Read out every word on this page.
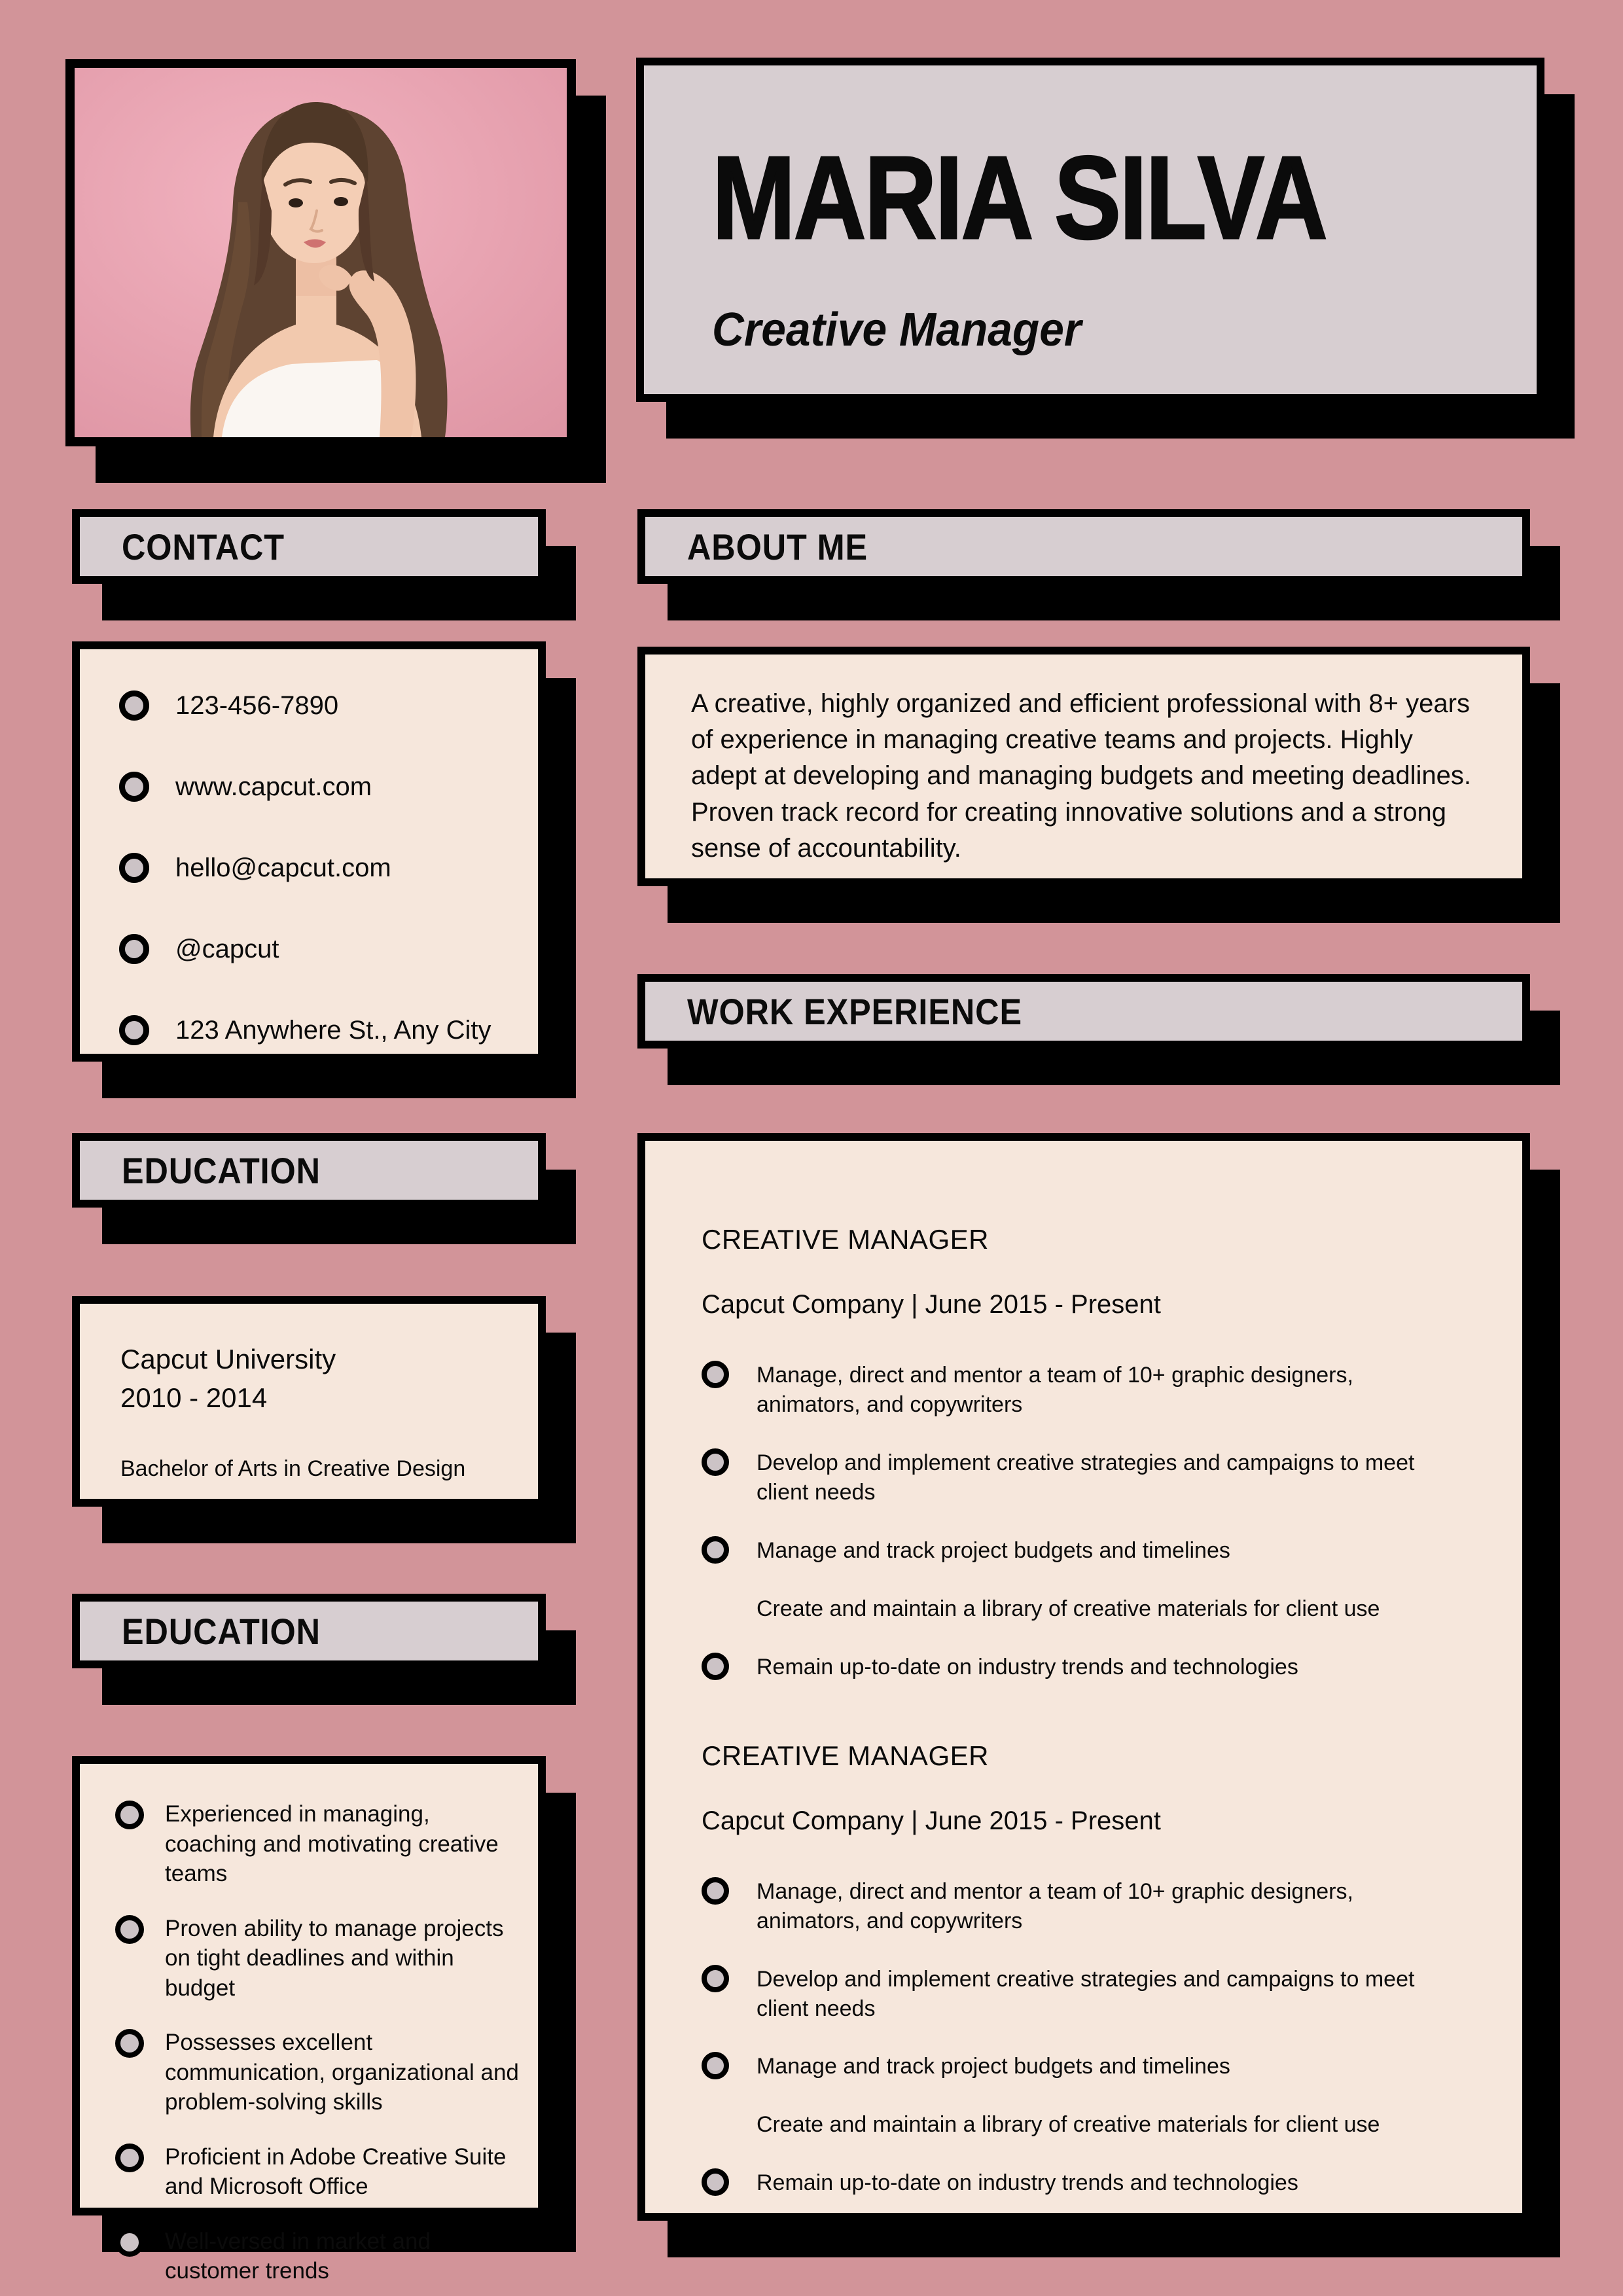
MARIA SILVA
Creative Manager
CONTACT
123-456-7890
www.capcut.com
hello@capcut.com
@capcut
123 Anywhere St., Any City
EDUCATION
Capcut University
2010 - 2014
Bachelor of Arts in Creative Design
EDUCATION
Experienced in managing, coaching and motivating creative teams
Proven ability to manage projects on tight deadlines and within budget
Possesses excellent communication, organizational and problem-solving skills
Proficient in Adobe Creative Suite and Microsoft Office
Well-versed in market and customer trends
ABOUT ME

A creative, highly organized and efficient professional with 8+ years of experience in managing creative teams and projects. Highly adept at developing and managing budgets and meeting deadlines. Proven track record for creating innovative solutions and a strong sense of accountability.

WORK EXPERIENCE
CREATIVE MANAGER
Capcut Company | June 2015 - Present
Manage, direct and mentor a team of 10+ graphic designers, animators, and copywriters
Develop and implement creative strategies and campaigns to meet client needs
Manage and track project budgets and timelines
Create and maintain a library of creative materials for client use
Remain up-to-date on industry trends and technologies
CREATIVE MANAGER
Capcut Company | June 2015 - Present
Manage, direct and mentor a team of 10+ graphic designers, animators, and copywriters
Develop and implement creative strategies and campaigns to meet client needs
Manage and track project budgets and timelines
Create and maintain a library of creative materials for client use
Remain up-to-date on industry trends and technologies
